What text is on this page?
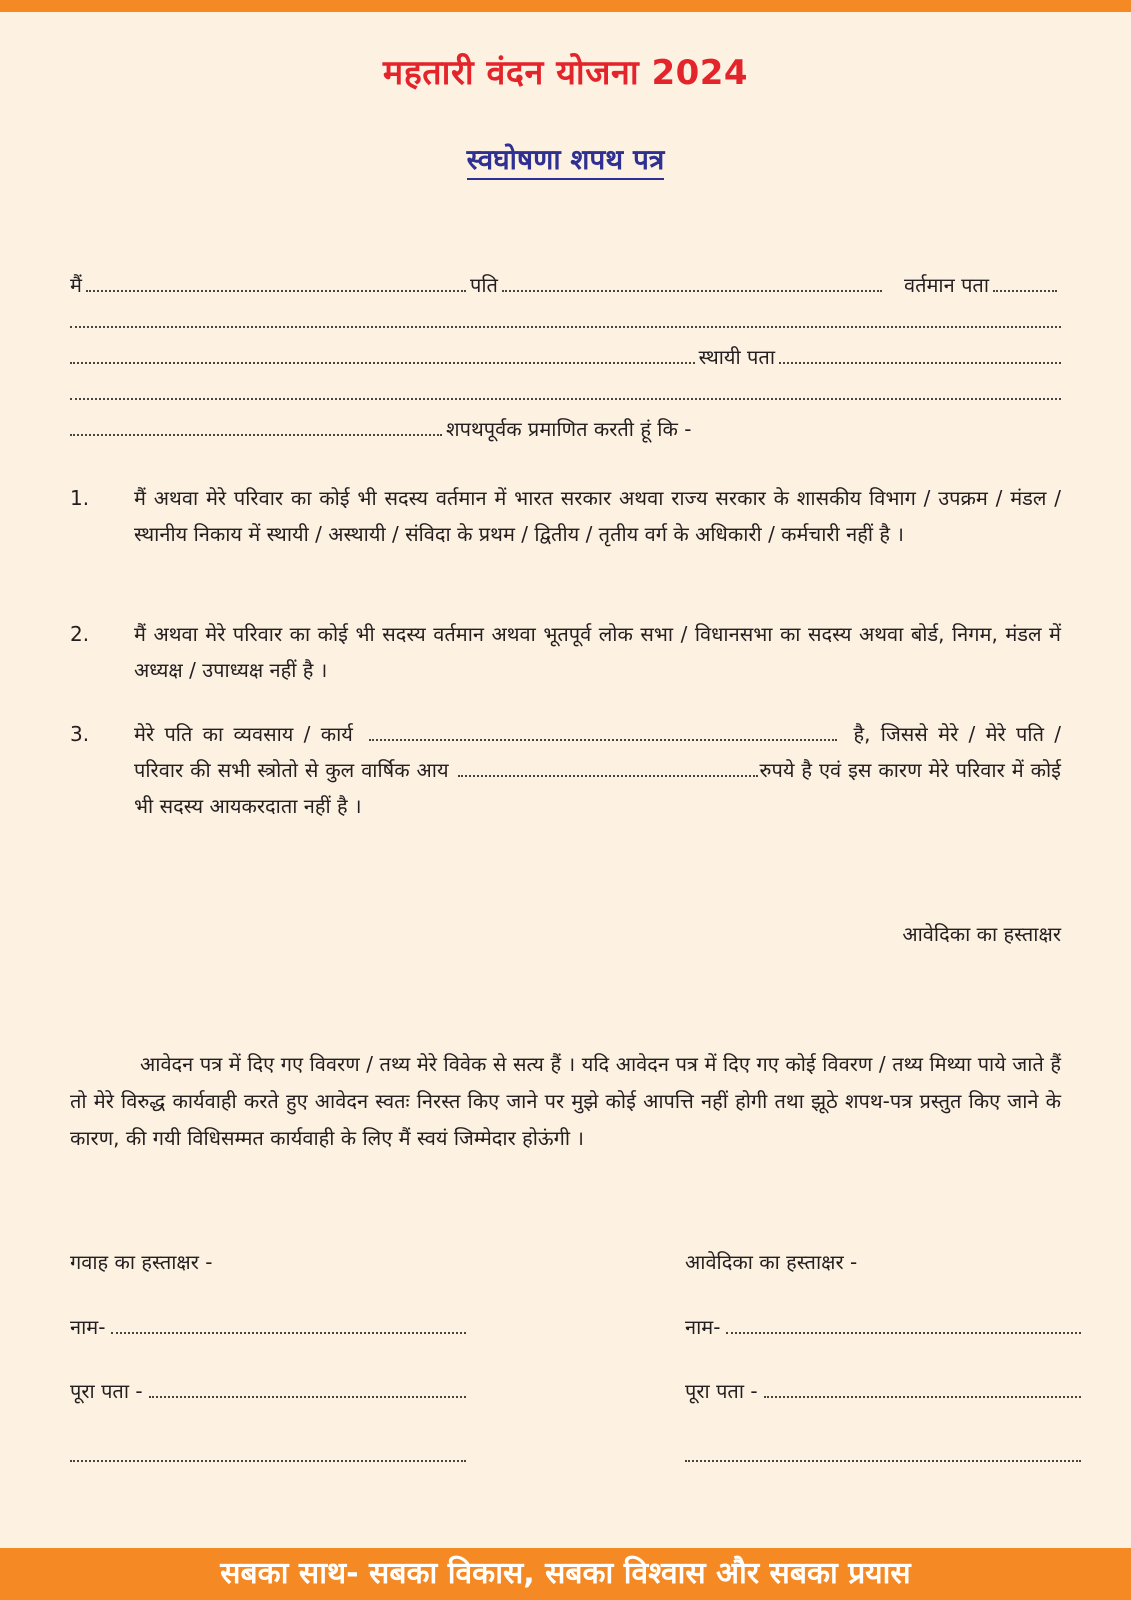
महतारी वंदन योजना 2024
स्वघोषणा शपथ पत्र
मैं	पति	वर्तमान पता
स्थायी पता
शपथपूर्वक प्रमाणित करती हूं कि -
1. मैं अथवा मेरे परिवार का कोई भी सदस्य वर्तमान में भारत सरकार अथवा राज्य सरकार के शासकीय विभाग / उपक्रम / मंडल / स्थानीय निकाय में स्थायी / अस्थायी / संविदा के प्रथम / द्वितीय / तृतीय वर्ग के अधिकारी / कर्मचारी नहीं है ।
2. मैं अथवा मेरे परिवार का कोई भी सदस्य वर्तमान अथवा भूतपूर्व लोक सभा / विधानसभा का सदस्य अथवा बोर्ड, निगम, मंडल में अध्यक्ष / उपाध्यक्ष नहीं है ।
3. मेरे पति का व्यवसाय / कार्य	है, जिससे मेरे / मेरे पति / परिवार की सभी स्त्रोतो से कुल वार्षिक आय	रुपये है एवं इस कारण मेरे परिवार में कोई भी सदस्य आयकरदाता नहीं है ।
आवेदिका का हस्ताक्षर
आवेदन पत्र में दिए गए विवरण / तथ्य मेरे विवेक से सत्य हैं । यदि आवेदन पत्र में दिए गए कोई विवरण / तथ्य मिथ्या पाये जाते हैं तो मेरे विरुद्ध कार्यवाही करते हुए आवेदन स्वतः निरस्त किए जाने पर मुझे कोई आपत्ति नहीं होगी तथा झूठे शपथ-पत्र प्रस्तुत किए जाने के कारण, की गयी विधिसम्मत कार्यवाही के लिए मैं स्वयं जिम्मेदार होऊंगी ।
गवाह का हस्ताक्षर -
नाम-
पूरा पता -
आवेदिका का हस्ताक्षर -
नाम-
पूरा पता -
सबका साथ- सबका विकास, सबका विश्वास और सबका प्रयास
